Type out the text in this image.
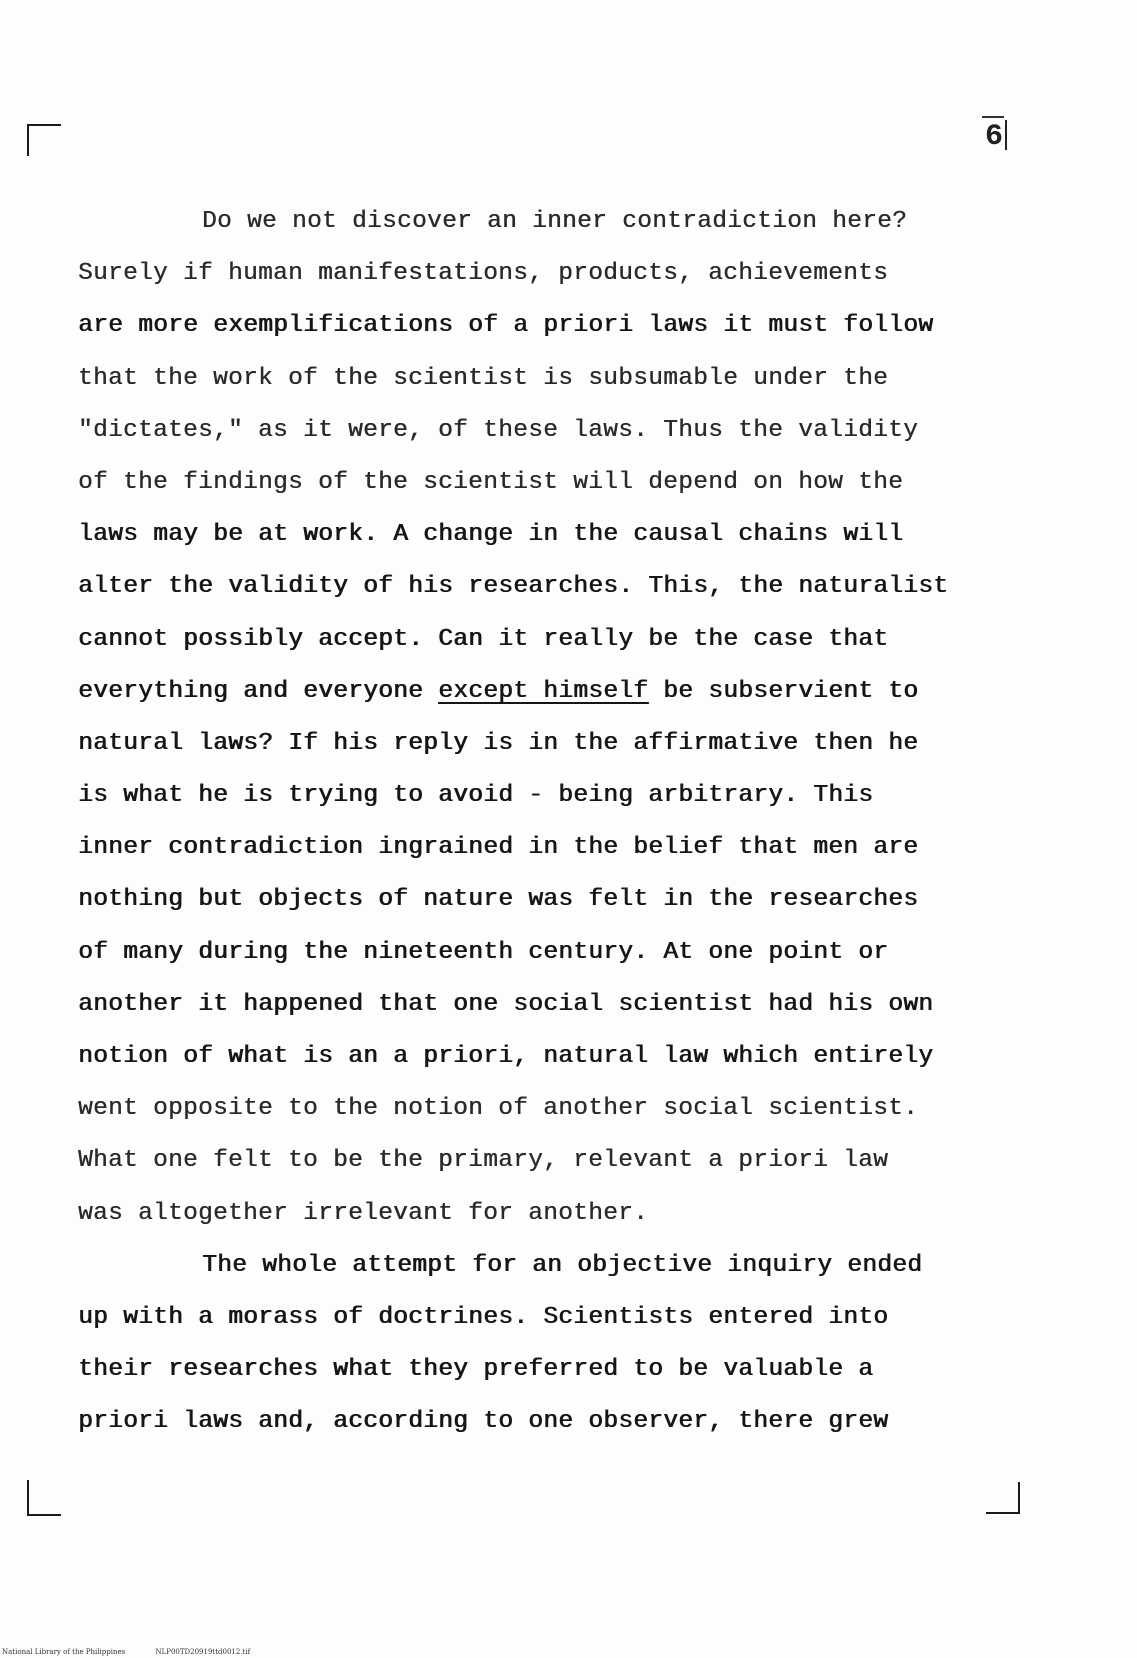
6
Do we not discover an inner contradiction here?
Surely if human manifestations, products, achievements
are more exemplifications of a priori laws it must follow
that the work of the scientist is subsumable under the
"dictates," as it were, of these laws. Thus the validity
of the findings of the scientist will depend on how the
laws may be at work. A change in the causal chains will
alter the validity of his researches. This, the naturalist
cannot possibly accept. Can it really be the case that
everything and everyone except himself be subservient to
natural laws? If his reply is in the affirmative then he
is what he is trying to avoid - being arbitrary. This
inner contradiction ingrained in the belief that men are
nothing but objects of nature was felt in the researches
of many during the nineteenth century. At one point or
another it happened that one social scientist had his own
notion of what is an a priori, natural law which entirely
went opposite to the notion of another social scientist.
What one felt to be the primary, relevant a priori law
was altogether irrelevant for another.
The whole attempt for an objective inquiry ended
up with a morass of doctrines. Scientists entered into
their researches what they preferred to be valuable a
priori laws and, according to one observer, there grew
National Library of the Philippines	NLP00TD20919ttd0012.tif
